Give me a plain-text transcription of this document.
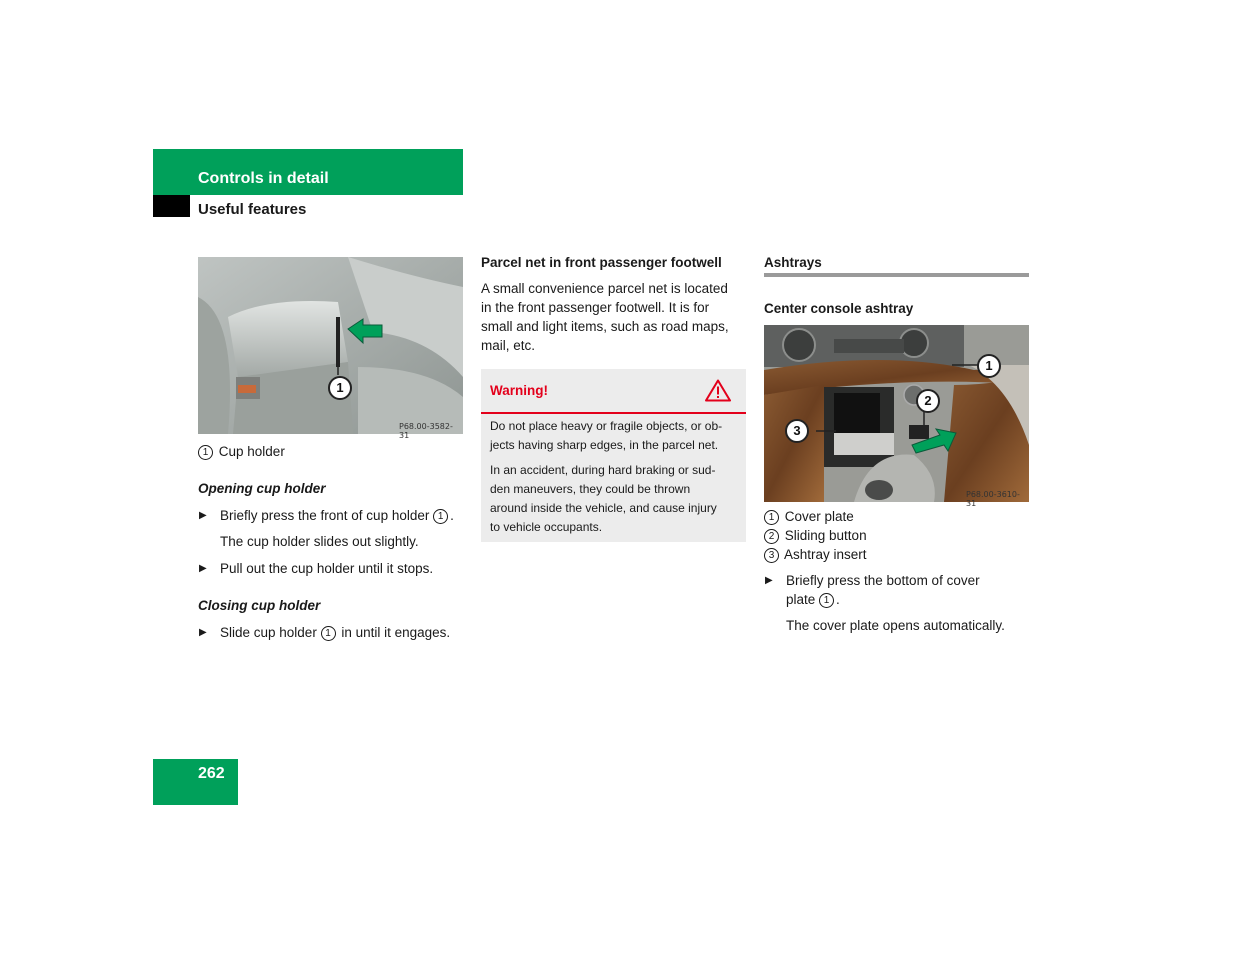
Controls in detail
Useful features
1
P68.00-3582-31
1 Cup holder
Opening cup holder
▶ Briefly press the front of cup holder 1 .
The cup holder slides out slightly.
▶ Pull out the cup holder until it stops.
Closing cup holder
▶ Slide cup holder 1 in until it engages.
Parcel net in front passenger footwell
A small convenience parcel net is located
in the front passenger footwell. It is for
small and light items, such as road maps,
mail, etc.
Warning!
Do not place heavy or fragile objects, or ob-
jects having sharp edges, in the parcel net.
In an accident, during hard braking or sud-
den maneuvers, they could be thrown
around inside the vehicle, and cause injury
to vehicle occupants.
Ashtrays
Center console ashtray
1
2
3
P68.00-3610-31
1 Cover plate
2 Sliding button
3 Ashtray insert
▶ Briefly press the bottom of cover
plate 1 .
The cover plate opens automatically.
262
